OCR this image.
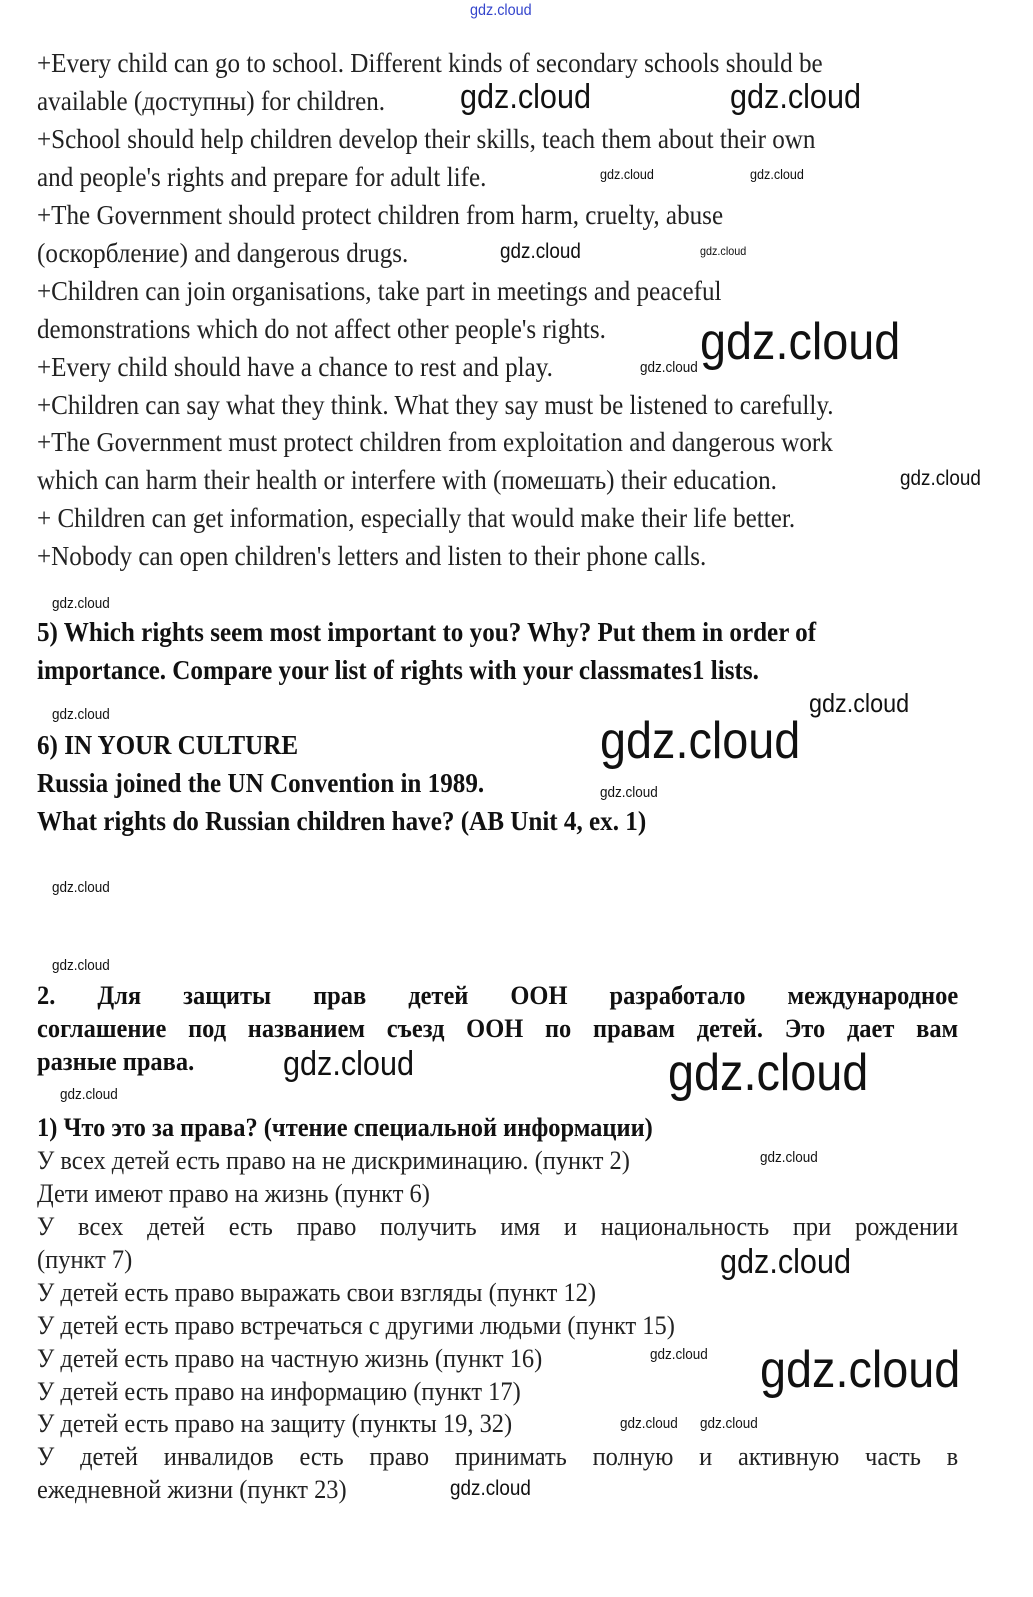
+Every child can go to school. Different kinds of secondary schools should be
available (доступны) for children.
+School should help children develop their skills, teach them about their own
and people's rights and prepare for adult life.
+The Government should protect children from harm, cruelty, abuse
(оскорбление) and dangerous drugs.
+Children can join organisations, take part in meetings and peaceful
demonstrations which do not affect other people's rights.
+Every child should have a chance to rest and play.
+Children can say what they think. What they say must be listened to carefully.
+The Government must protect children from exploitation and dangerous work
which can harm their health or interfere with (помешать) their education.
+ Children can get information, especially that would make their life better.
+Nobody can open children's letters and listen to their phone calls.
5) Which rights seem most important to you? Why? Put them in order of
importance. Compare your list of rights with your classmates1 lists.
6) IN YOUR CULTURE
Russia joined the UN Convention in 1989.
What rights do Russian children have? (AB Unit 4, ex. 1)
2. Для защиты прав детей ООН разработало международное
соглашение под названием съезд ООН по правам детей. Это дает вам
разные права.
1) Что это за права? (чтение специальной информации)
У всех детей есть право на не дискриминацию. (пункт 2)
Дети имеют право на жизнь (пункт 6)
У всех детей есть право получить имя и национальность при рождении
(пункт 7)
У детей есть право выражать свои взгляды (пункт 12)
У детей есть право встречаться с другими людьми (пункт 15)
У детей есть право на частную жизнь (пункт 16)
У детей есть право на информацию (пункт 17)
У детей есть право на защиту (пункты 19, 32)
У детей инвалидов есть право принимать полную и активную часть в
ежедневной жизни (пункт 23)
gdz.cloud
gdz.cloud	gdz.cloud
gdz.cloud	gdz.cloud
gdz.cloud	gdz.cloud
gdz.cloud
gdz.cloud
gdz.cloud
gdz.cloud
gdz.cloud
gdz.cloud	gdz.cloud
gdz.cloud
gdz.cloud
gdz.cloud
gdz.cloud	gdz.cloud
gdz.cloud
gdz.cloud
gdz.cloud
gdz.cloud gdz.cloud
gdz.cloud gdz.cloud
gdz.cloud
